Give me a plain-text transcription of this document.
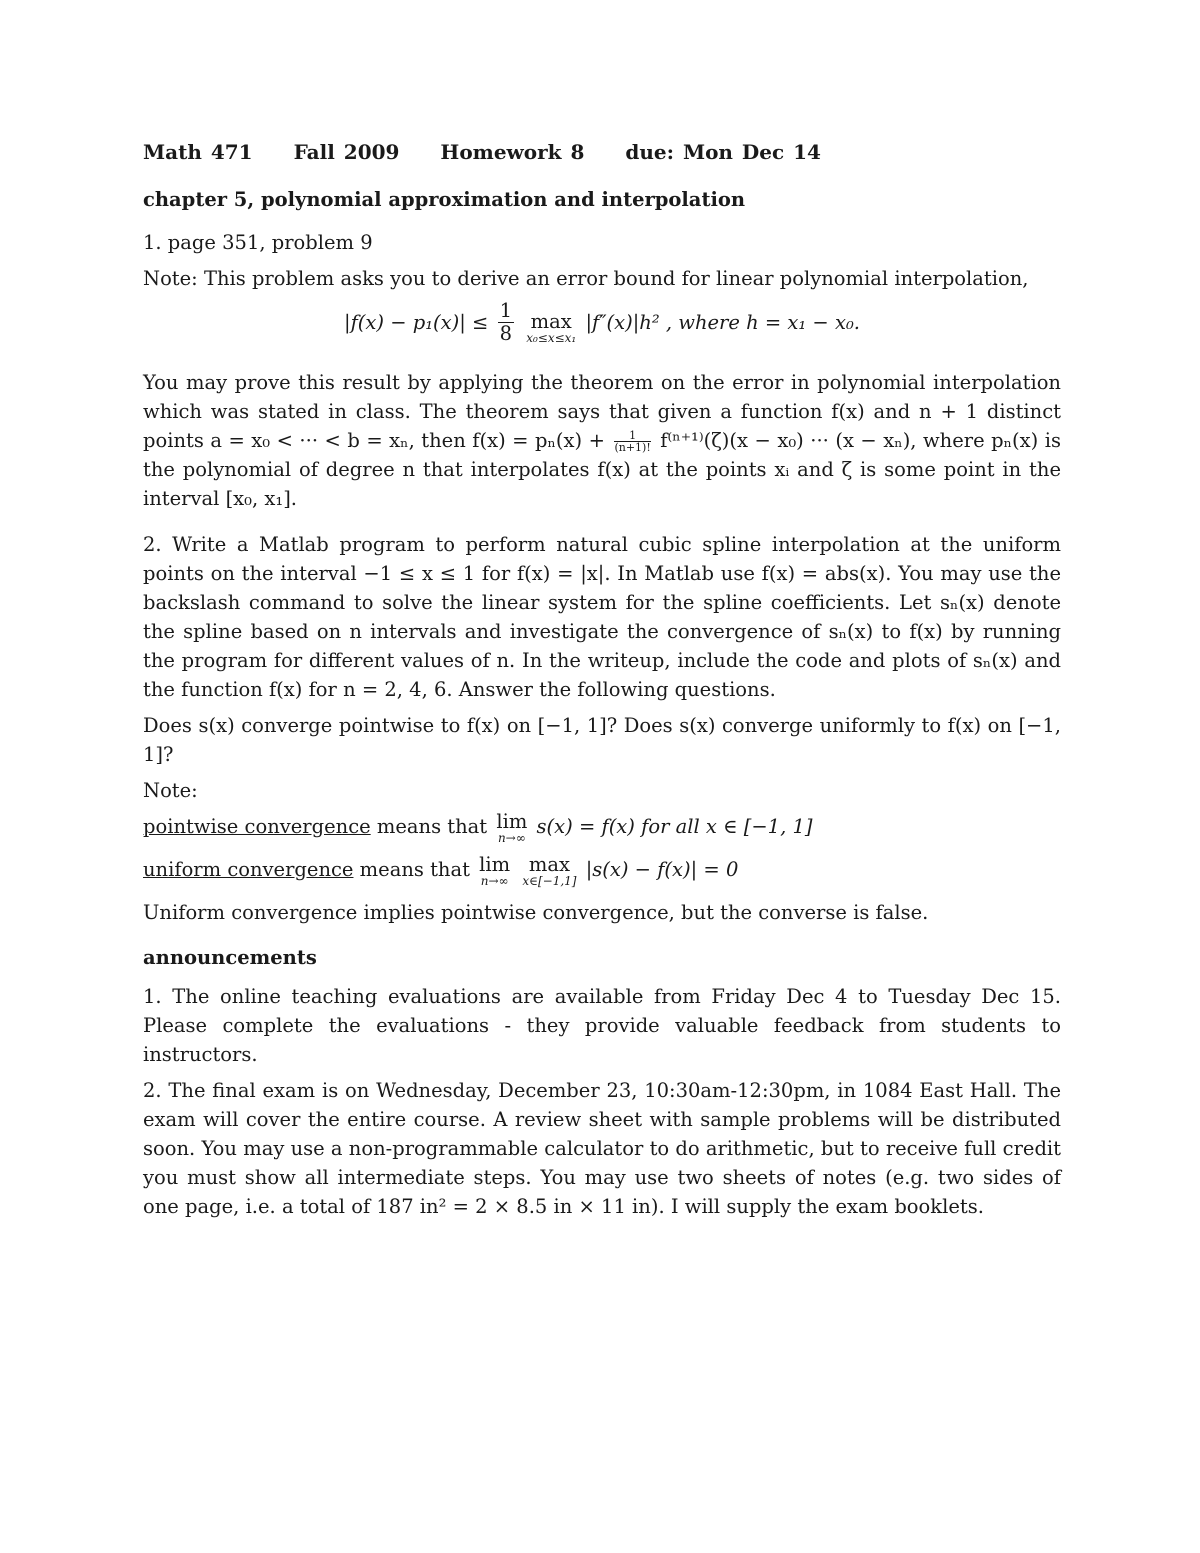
Math 471 Fall 2009 Homework 8 due: Mon Dec 14
chapter 5, polynomial approximation and interpolation

1. page 351, problem 9

Note: This problem asks you to derive an error bound for linear polynomial interpolation,

$|f(x) - p_1(x)| \le \frac{1}{8}$ max
x₀≤x≤x₁
|f″(x)|h² , where h = x₁ − x₀.

You may prove this result by applying the theorem on the error in polynomial interpolation which was stated in class. The theorem says that given a function f(x) and n + 1 distinct points a = x₀ < ··· < b = xₙ, then $f(x) = p_n(x) + \frac{1}{(n+1)!} f^{(n+1)}(\zeta)(x - x_0)$ ··· (x − xₙ), where pₙ(x) is the polynomial of degree n that interpolates f(x) at the points xᵢ and ζ is some point in the interval [x₀, x₁].

2. Write a Matlab program to perform natural cubic spline interpolation at the uniform points on the interval −1 ≤ x ≤ 1 for f(x) = |x|. In Matlab use f(x) = abs(x). You may use the backslash command to solve the linear system for the spline coefficients. Let sₙ(x) denote the spline based on n intervals and investigate the convergence of sₙ(x) to f(x) by running the program for different values of n. In the writeup, include the code and plots of sₙ(x) and the function f(x) for n = 2, 4, 6. Answer the following questions.

Does s(x) converge pointwise to f(x) on [−1, 1]? Does s(x) converge uniformly to f(x) on [−1, 1]?

Note:

pointwise convergence means that lim
n→∞ s(x) = f(x) for all x ∈ [−1, 1]

uniform convergence means that lim
n→∞
max
x∈[−1,1] |s(x) − f(x)| = 0

Uniform convergence implies pointwise convergence, but the converse is false.

announcements

1. The online teaching evaluations are available from Friday Dec 4 to Tuesday Dec 15. Please complete the evaluations - they provide valuable feedback from students to instructors.

2. The final exam is on Wednesday, December 23, 10:30am-12:30pm, in 1084 East Hall. The exam will cover the entire course. A review sheet with sample problems will be distributed soon. You may use a non-programmable calculator to do arithmetic, but to receive full credit you must show all intermediate steps. You may use two sheets of notes (e.g. two sides of one page, i.e. a total of 187 in² = 2 × 8.5 in × 11 in). I will supply the exam booklets.
